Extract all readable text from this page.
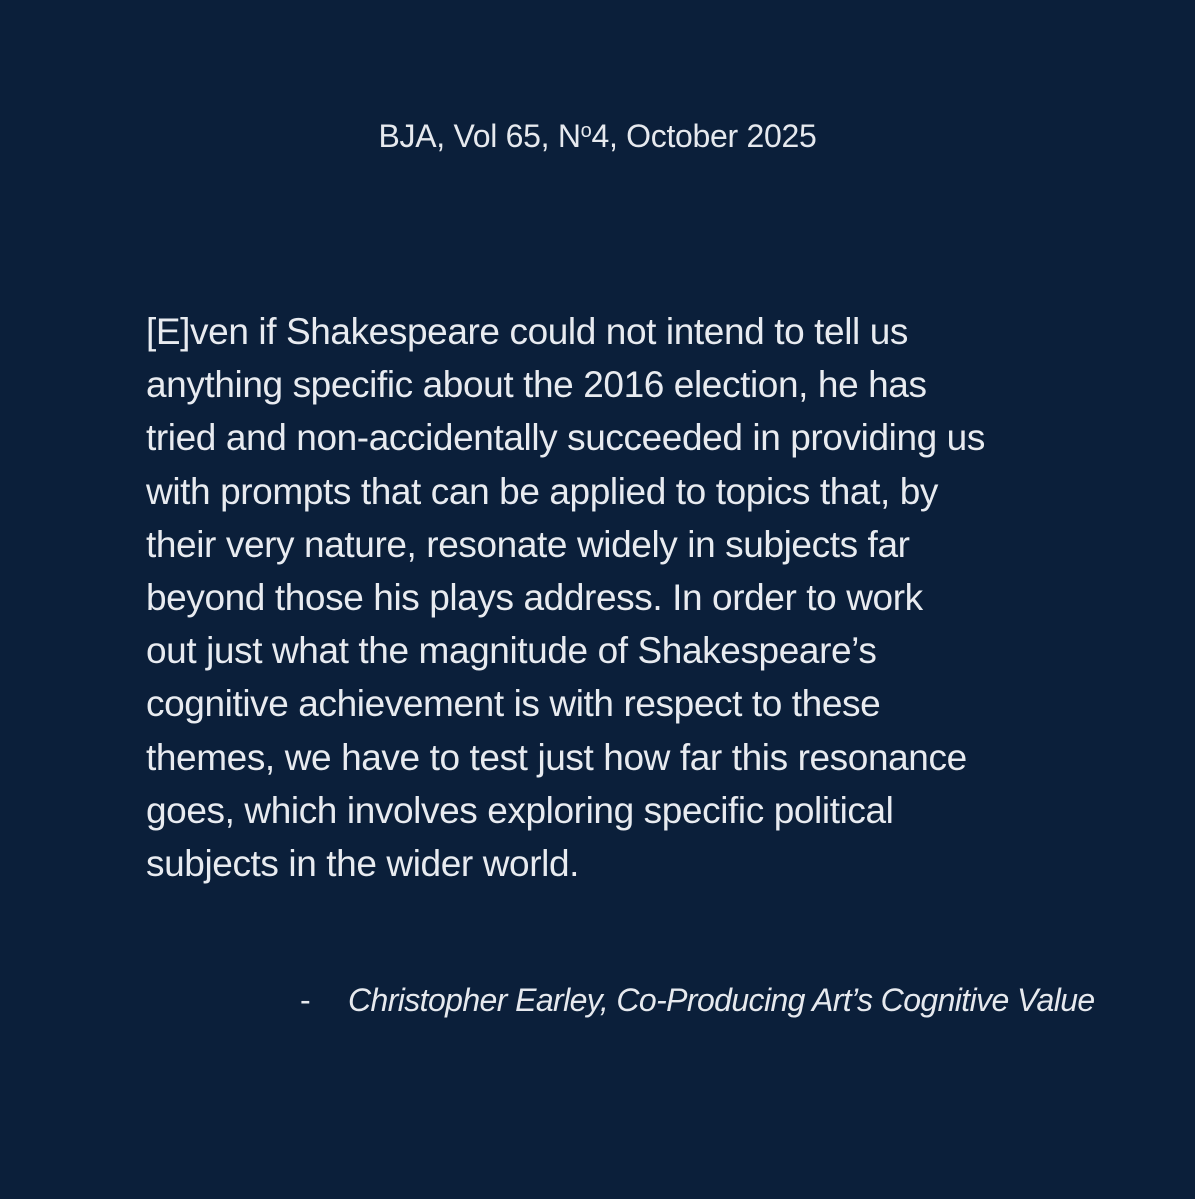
BJA, Vol 65, $N^o4$, October 2025

[E]ven if Shakespeare could not intend to tell us
anything specific about the 2016 election, he has
tried and non-accidentally succeeded in providing us
with prompts that can be applied to topics that, by
their very nature, resonate widely in subjects far
beyond those his plays address. In order to work
out just what the magnitude of Shakespeare’s
cognitive achievement is with respect to these
themes, we have to test just how far this resonance
goes, which involves exploring specific political
subjects in the wider world.

- Christopher Earley, Co-Producing Art’s Cognitive Value
